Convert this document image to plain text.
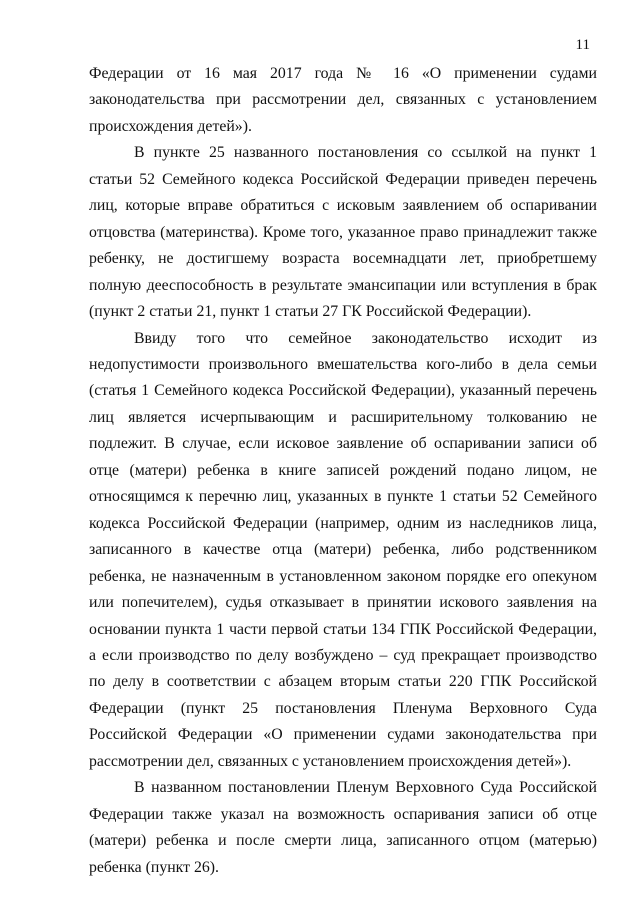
11

Федерации от 16 мая 2017 года № 16 «О применении судами законодательства при рассмотрении дел, связанных с установлением происхождения детей»).

В пункте 25 названного постановления со ссылкой на пункт 1 статьи 52 Семейного кодекса Российской Федерации приведен перечень лиц, которые вправе обратиться с исковым заявлением об оспаривании отцовства (материнства). Кроме того, указанное право принадлежит также ребенку, не достигшему возраста восемнадцати лет, приобретшему полную дееспособность в результате эмансипации или вступления в брак (пункт 2 статьи 21, пункт 1 статьи 27 ГК Российской Федерации).

Ввиду того что семейное законодательство исходит из недопустимости произвольного вмешательства кого-либо в дела семьи (статья 1 Семейного кодекса Российской Федерации), указанный перечень лиц является исчерпывающим и расширительному толкованию не подлежит. В случае, если исковое заявление об оспаривании записи об отце (матери) ребенка в книге записей рождений подано лицом, не относящимся к перечню лиц, указанных в пункте 1 статьи 52 Семейного кодекса Российской Федерации (например, одним из наследников лица, записанного в качестве отца (матери) ребенка, либо родственником ребенка, не назначенным в установленном законом порядке его опекуном или попечителем), судья отказывает в принятии искового заявления на основании пункта 1 части первой статьи 134 ГПК Российской Федерации, а если производство по делу возбуждено – суд прекращает производство по делу в соответствии с абзацем вторым статьи 220 ГПК Российской Федерации (пункт 25 постановления Пленума Верховного Суда Российской Федерации «О применении судами законодательства при рассмотрении дел, связанных с установлением происхождения детей»).

В названном постановлении Пленум Верховного Суда Российской Федерации также указал на возможность оспаривания записи об отце (матери) ребенка и после смерти лица, записанного отцом (матерью) ребенка (пункт 26).
